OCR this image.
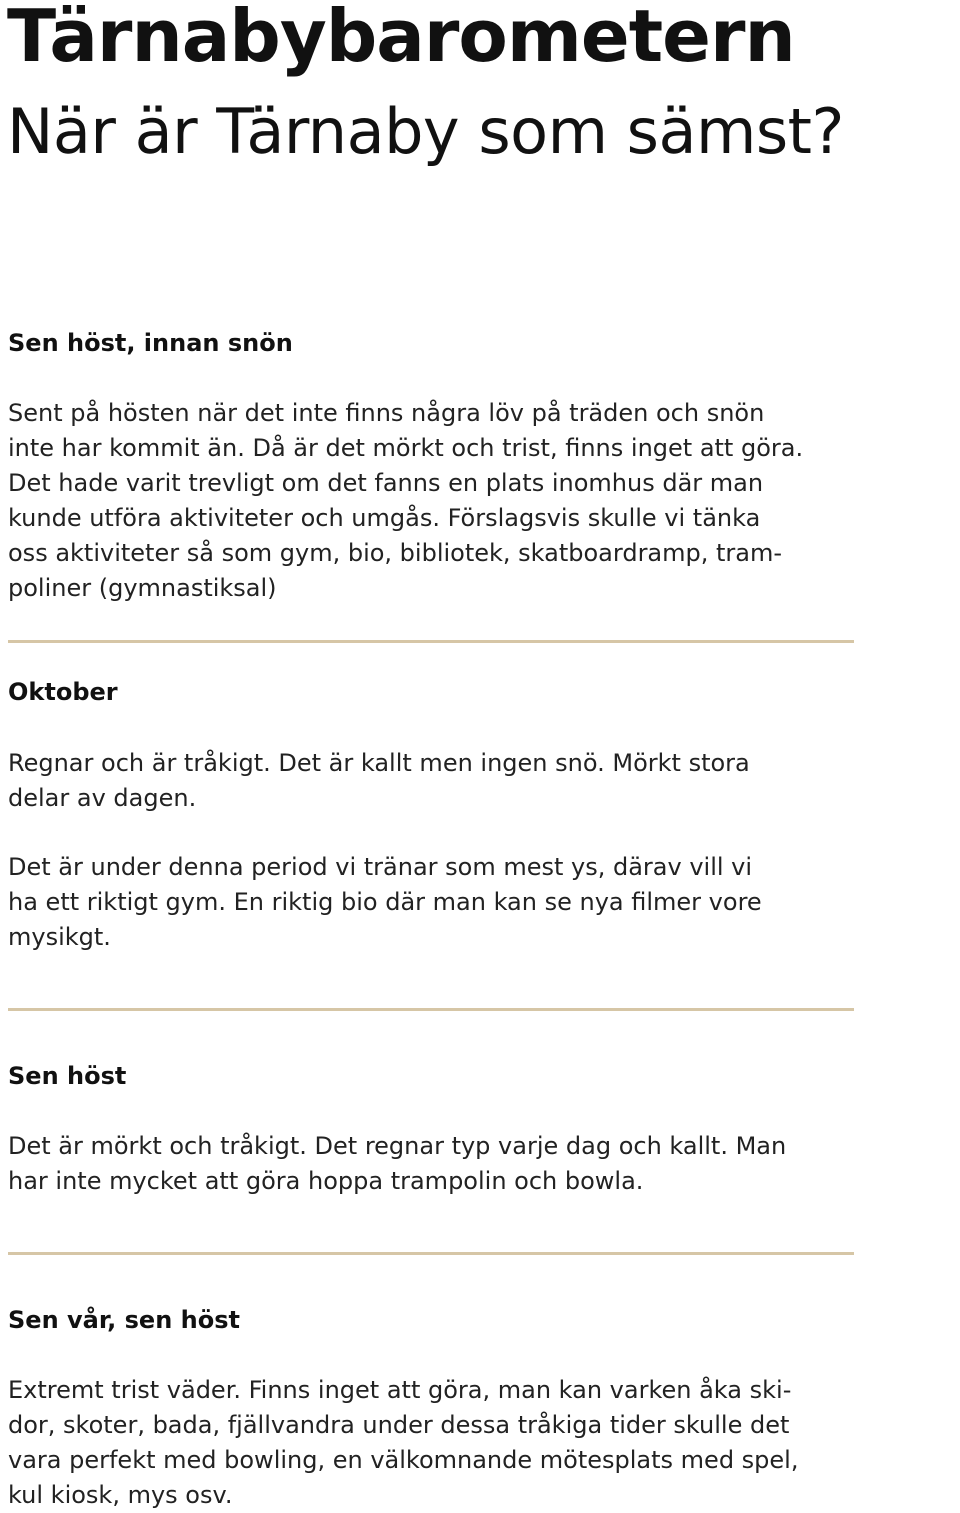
Tärnabybarometern
När är Tärnaby som sämst?
Sen höst, innan snön

Sent på hösten när det inte finns några löv på träden och snön
inte har kommit än. Då är det mörkt och trist, finns inget att göra.
Det hade varit trevligt om det fanns en plats inomhus där man
kunde utföra aktiviteter och umgås. Förslagsvis skulle vi tänka
oss aktiviteter så som gym, bio, bibliotek, skatboardramp, tram-
poliner (gymnastiksal)

Oktober

Regnar och är tråkigt. Det är kallt men ingen snö. Mörkt stora
delar av dagen.

Det är under denna period vi tränar som mest ys, därav vill vi
ha ett riktigt gym. En riktig bio där man kan se nya filmer vore
mysikgt.

Sen höst

Det är mörkt och tråkigt. Det regnar typ varje dag och kallt. Man
har inte mycket att göra hoppa trampolin och bowla.

Sen vår, sen höst

Extremt trist väder. Finns inget att göra, man kan varken åka ski-
dor, skoter, bada, fjällvandra under dessa tråkiga tider skulle det
vara perfekt med bowling, en välkomnande mötesplats med spel,
kul kiosk, mys osv.
